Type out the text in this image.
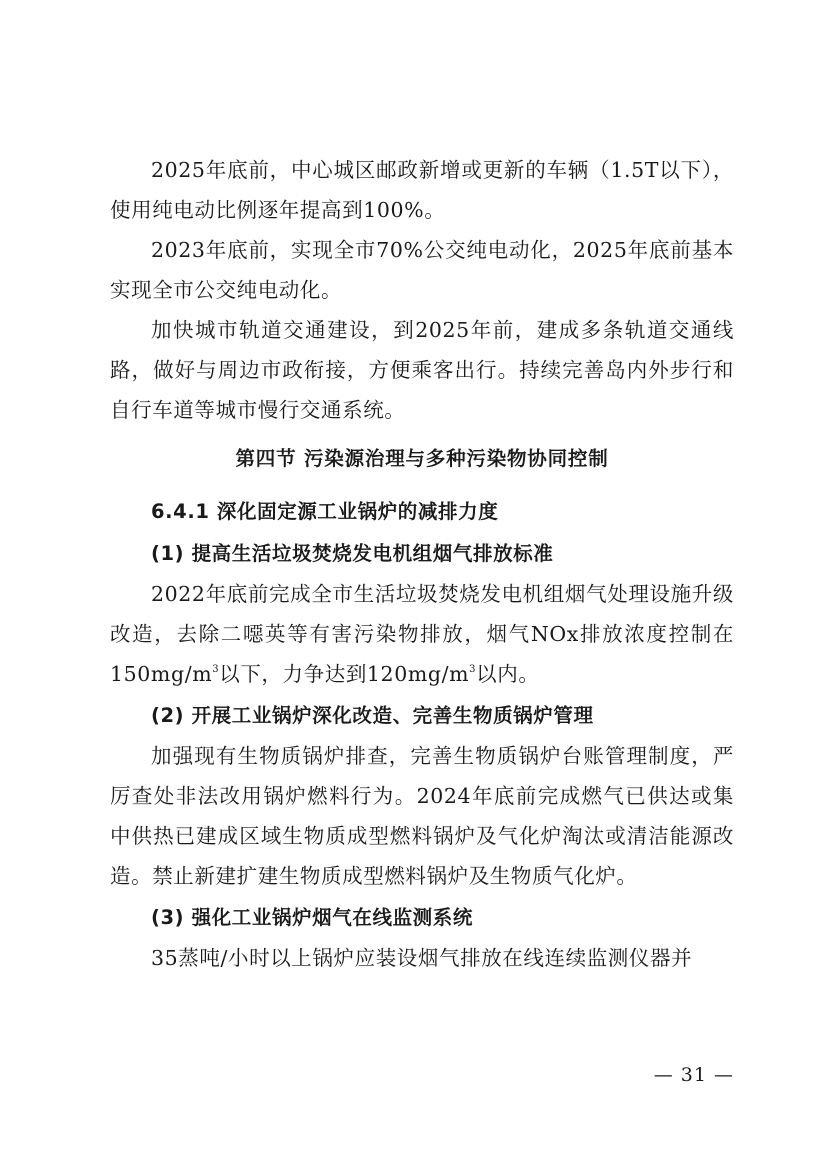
2025年底前，中心城区邮政新增或更新的车辆（1.5T以下），使用纯电动比例逐年提高到100%。

2023年底前，实现全市70%公交纯电动化，2025年底前基本实现全市公交纯电动化。

加快城市轨道交通建设，到2025年前，建成多条轨道交通线路，做好与周边市政衔接，方便乘客出行。持续完善岛内外步行和自行车道等城市慢行交通系统。

第四节 污染源治理与多种污染物协同控制
6.4.1 深化固定源工业锅炉的减排力度
(1) 提高生活垃圾焚烧发电机组烟气排放标准

2022年底前完成全市生活垃圾焚烧发电机组烟气处理设施升级改造，去除二噁英等有害污染物排放，烟气NOx排放浓度控制在$150mg/m^3$以下，力争达到$120mg/m^3$以内。

(2) 开展工业锅炉深化改造、完善生物质锅炉管理

加强现有生物质锅炉排查，完善生物质锅炉台账管理制度，严厉查处非法改用锅炉燃料行为。2024年底前完成燃气已供达或集中供热已建成区域生物质成型燃料锅炉及气化炉淘汰或清洁能源改造。禁止新建扩建生物质成型燃料锅炉及生物质气化炉。

(3) 强化工业锅炉烟气在线监测系统

35蒸吨/小时以上锅炉应装设烟气排放在线连续监测仪器并

— 31 —
